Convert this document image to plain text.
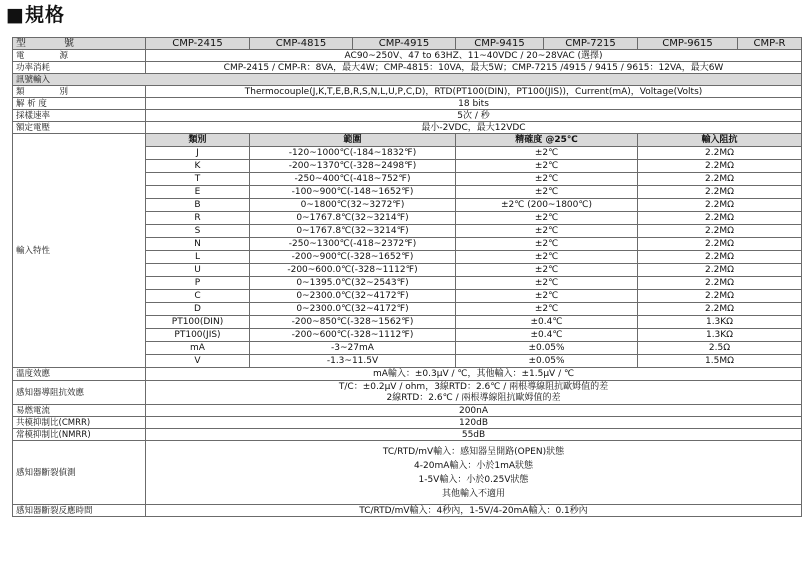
■規格
型　　號	CMP-2415	CMP-4815	CMP-4915	CMP-9415	CMP-7215	CMP-9615	CMP-R
電　　源	AC90~250V、47 to 63HZ、11~40VDC / 20~28VAC (選擇)						
功率消耗	CMP-2415 / CMP-R：8VA，最大4W；CMP-4815：10VA，最大5W；CMP-7215 /4915 / 9415 / 9615：12VA，最大6W						
訊號輸入							
類　　別	Thermocouple(J,K,T,E,B,R,S,N,L,U,P,C,D)，RTD(PT100(DIN)，PT100(JIS))，Current(mA)，Voltage(Volts)						
解 析 度	18 bits						
採樣速率	5次 / 秒						
額定電壓	最小-2VDC，最大12VDC						
輸入特性	類別	範圍		精確度 @25℃		輸入阻抗	
	J	-120~1000℃(-184~1832℉)		±2℃		2.2MΩ	
	K	-200~1370℃(-328~2498℉)		±2℃		2.2MΩ	
	T	-250~400℃(-418~752℉)		±2℃		2.2MΩ	
	E	-100~900℃(-148~1652℉)		±2℃		2.2MΩ	
	B	0~1800℃(32~3272℉)		±2℃ (200~1800℃)		2.2MΩ	
	R	0~1767.8℃(32~3214℉)		±2℃		2.2MΩ	
	S	0~1767.8℃(32~3214℉)		±2℃		2.2MΩ	
	N	-250~1300℃(-418~2372℉)		±2℃		2.2MΩ	
	L	-200~900℃(-328~1652℉)		±2℃		2.2MΩ	
	U	-200~600.0℃(-328~1112℉)		±2℃		2.2MΩ	
	P	0~1395.0℃(32~2543℉)		±2℃		2.2MΩ	
	C	0~2300.0℃(32~4172℉)		±2℃		2.2MΩ	
	D	0~2300.0℃(32~4172℉)		±2℃		2.2MΩ	
	PT100(DIN)	-200~850℃(-328~1562℉)		±0.4℃		1.3KΩ	
	PT100(JIS)	-200~600℃(-328~1112℉)		±0.4℃		1.3KΩ	
	mA	-3~27mA		±0.05%		2.5Ω	
	V	-1.3~11.5V		±0.05%		1.5MΩ	
溫度效應	mA輸入：±0.3μV / ℃，其他輸入：±1.5μV / ℃						
感知器導阻抗效應	T/C：±0.2μV / ohm，3線RTD：2.6℃ / 兩根導線阻抗歐姆值的差
2線RTD：2.6℃ / 兩根導線阻抗歐姆值的差						

易燃電流	200nA						
共模抑制比(CMRR)	120dB						
常模抑制比(NMRR)	55dB						
感知器斷裂偵測	TC/RTD/mV輸入：感知器呈開路(OPEN)狀態
4-20mA輸入：小於1mA狀態
1-5V輸入：小於0.25V狀態
其他輸入不適用						

感知器斷裂反應時間	TC/RTD/mV輸入：4秒內，1-5V/4-20mA輸入：0.1秒內						
